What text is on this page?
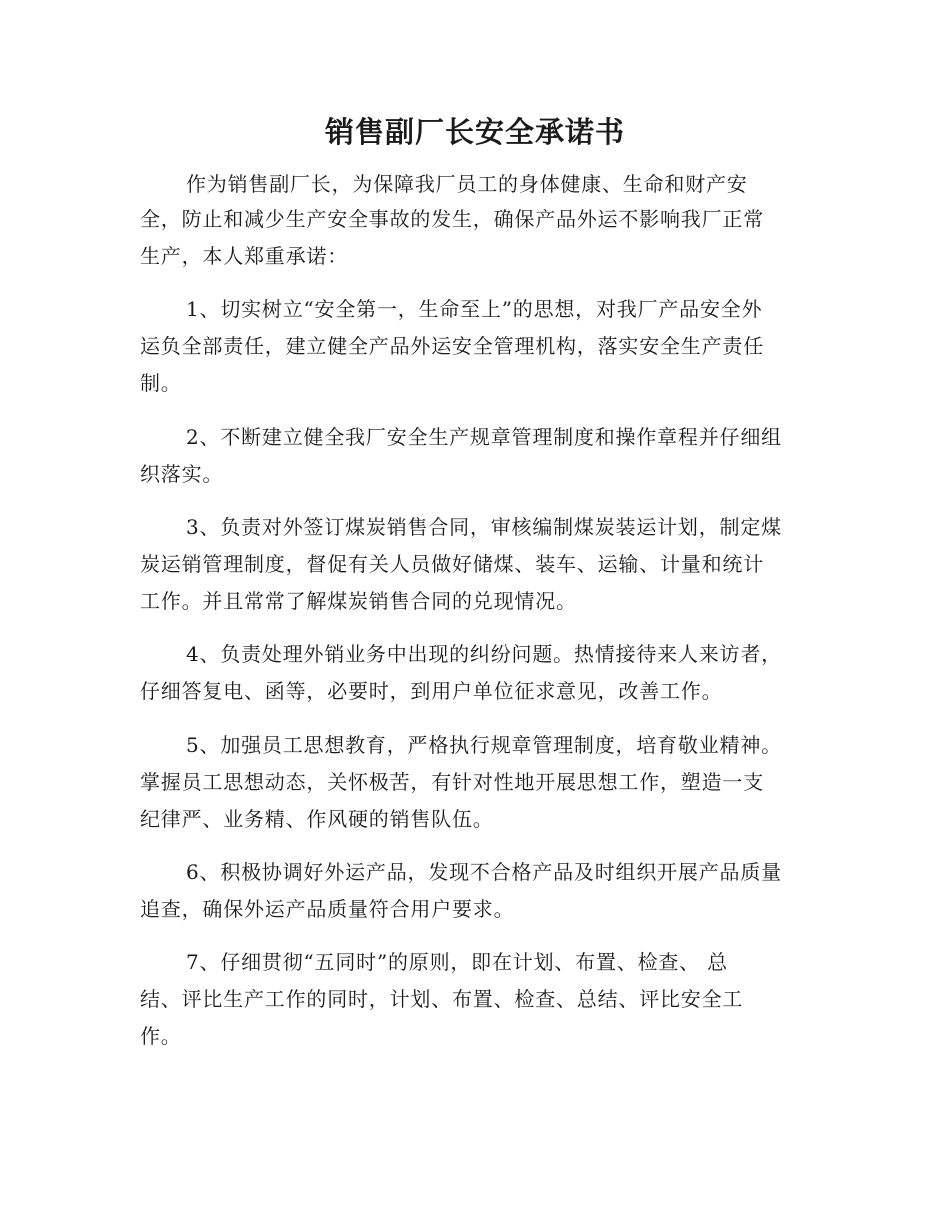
销售副厂长安全承诺书
作为销售副厂长，为保障我厂员工的身体健康、生命和财产安
全，防止和减少生产安全事故的发生，确保产品外运不影响我厂正常
生产，本人郑重承诺：
1、切实树立“安全第一，生命至上”的思想，对我厂产品安全外
运负全部责任，建立健全产品外运安全管理机构，落实安全生产责任
制。
2、不断建立健全我厂安全生产规章管理制度和操作章程并仔细组
织落实。
3、负责对外签订煤炭销售合同，审核编制煤炭装运计划，制定煤
炭运销管理制度，督促有关人员做好储煤、装车、运输、计量和统计
工作。并且常常了解煤炭销售合同的兑现情况。
4、负责处理外销业务中出现的纠纷问题。热情接待来人来访者，
仔细答复电、函等，必要时，到用户单位征求意见，改善工作。
5、加强员工思想教育，严格执行规章管理制度，培育敬业精神。
掌握员工思想动态，关怀极苦，有针对性地开展思想工作，塑造一支
纪律严、业务精、作风硬的销售队伍。
6、积极协调好外运产品，发现不合格产品及时组织开展产品质量
追查，确保外运产品质量符合用户要求。
7、仔细贯彻“五同时”的原则，即在计划、布置、检查、 总
结、评比生产工作的同时，计划、布置、检查、总结、评比安全工
作。
